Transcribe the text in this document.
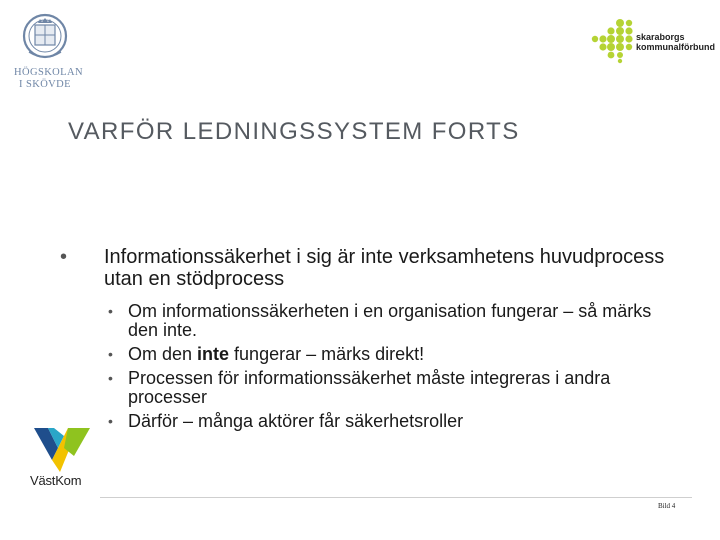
HÖGSKOLAN
I SKÖVDE
skaraborgs
kommunalförbund
VARFÖR LEDNINGSSYSTEM FORTS
• Informationssäkerhet i sig är inte verksamhetens huvudprocess utan en stödprocess
• Om informationssäkerheten i en organisation fungerar – så märks den inte.
• Om den inte fungerar – märks direkt!
• Processen för informationssäkerhet måste integreras i andra processer
• Därför – många aktörer får säkerhetsroller
VästKom
Bild 4
